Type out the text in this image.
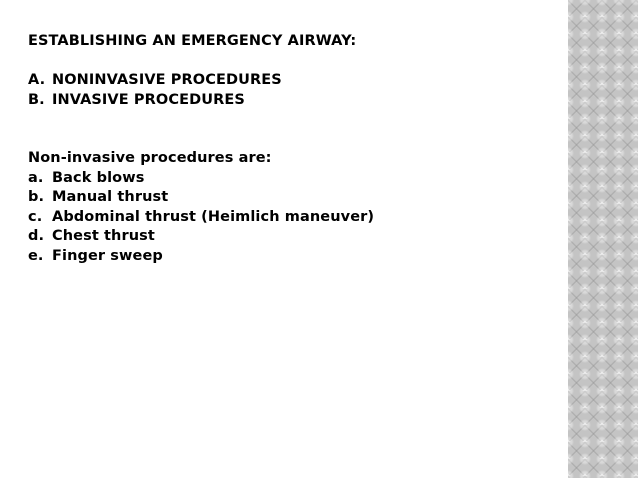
ESTABLISHING AN EMERGENCY AIRWAY:
A. NONINVASIVE PROCEDURES
B. INVASIVE PROCEDURES
Non-invasive procedures are:
a. Back blows
b. Manual thrust
c. Abdominal thrust (Heimlich maneuver)
d. Chest thrust
e. Finger sweep
